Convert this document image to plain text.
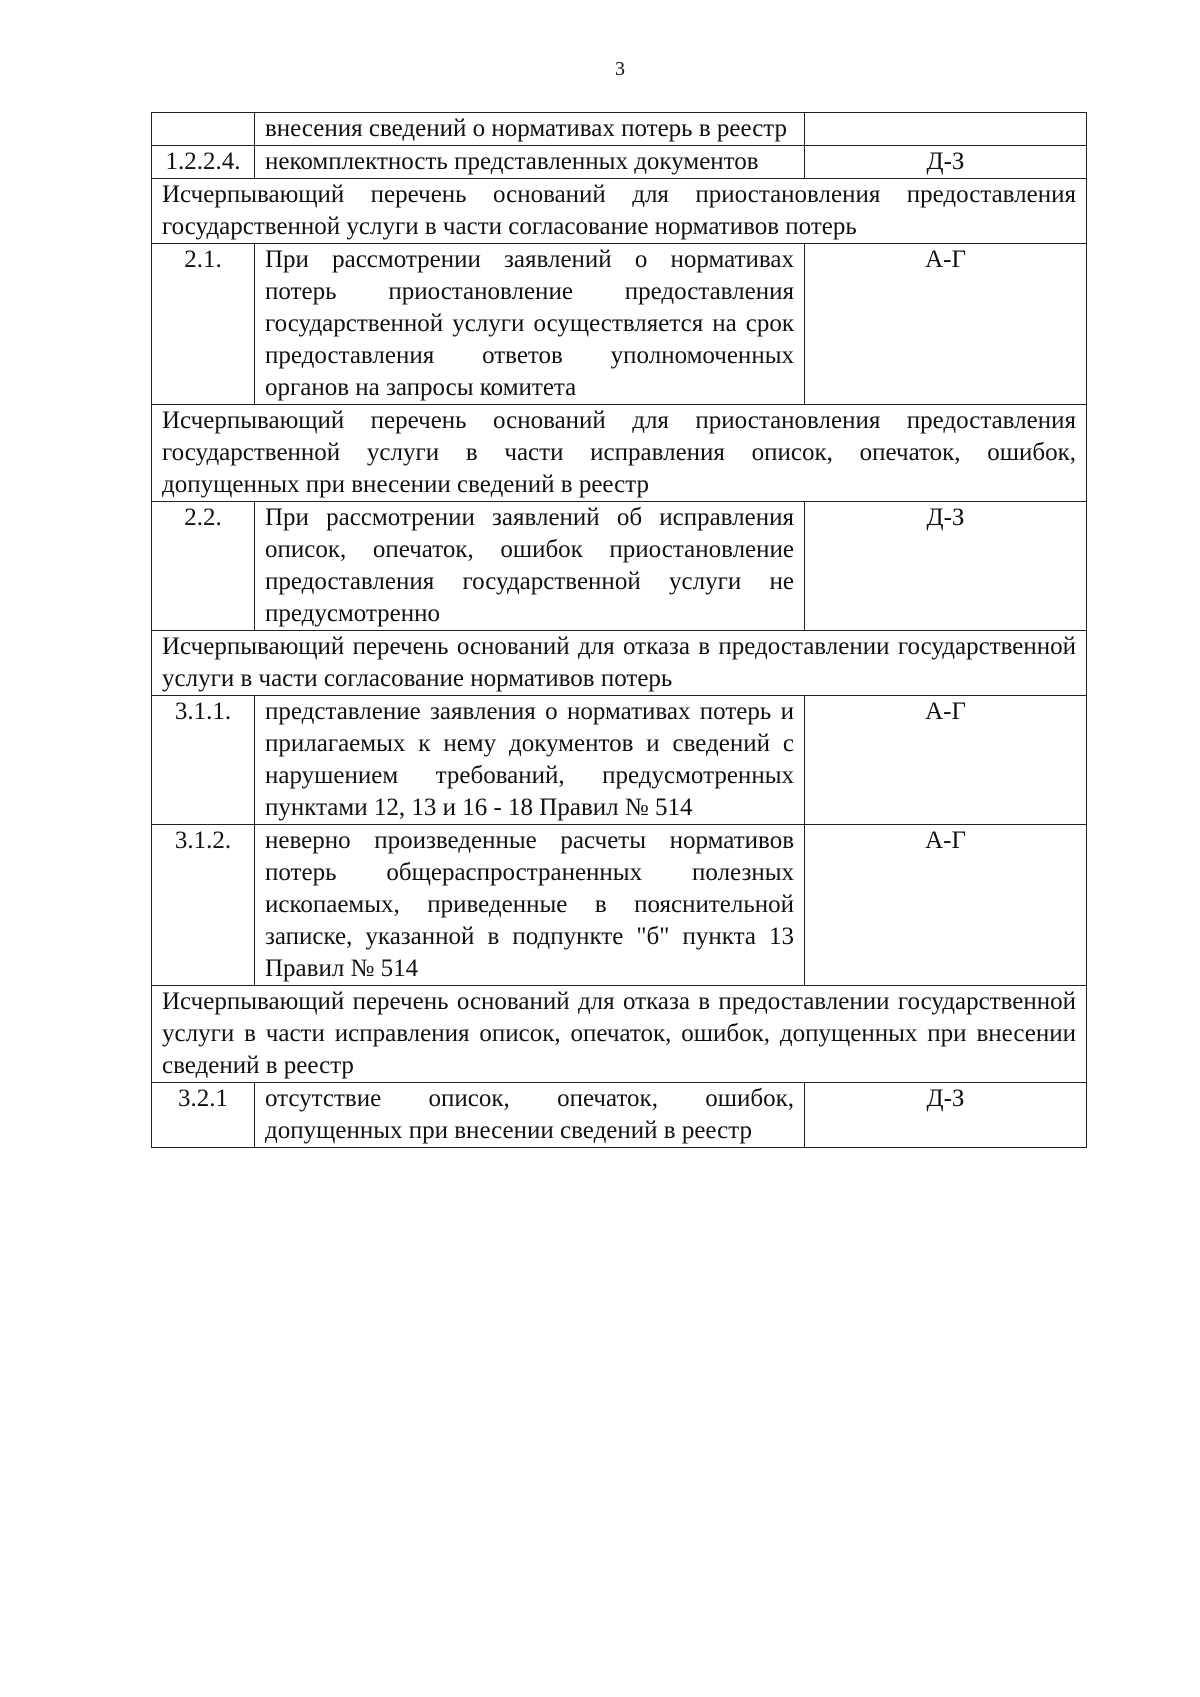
3
	внесения сведений о нормативах потерь в реестр	
1.2.2.4.	некомплектность представленных документов	Д-З
Исчерпывающий перечень оснований для приостановления предоставления государственной услуги в части согласование нормативов потерь		
2.1.	При рассмотрении заявлений о нормативах потерь приостановление предоставления государственной услуги осуществляется на срок предоставления ответов уполномоченных органов на запросы комитета	А-Г
Исчерпывающий перечень оснований для приостановления предоставления государственной услуги в части исправления описок, опечаток, ошибок, допущенных при внесении сведений в реестр		
2.2.	При рассмотрении заявлений об исправления описок, опечаток, ошибок приостановление предоставления государственной услуги не предусмотренно	Д-З
Исчерпывающий перечень оснований для отказа в предоставлении государственной услуги в части согласование нормативов потерь		
3.1.1.	представление заявления о нормативах потерь и прилагаемых к нему документов и сведений с нарушением требований, предусмотренных пунктами 12, 13 и 16 - 18 Правил № 514	А-Г
3.1.2.	неверно произведенные расчеты нормативов потерь общераспространенных полезных ископаемых, приведенные в пояснительной записке, указанной в подпункте "б" пункта 13 Правил № 514	А-Г
Исчерпывающий перечень оснований для отказа в предоставлении государственной услуги в части исправления описок, опечаток, ошибок, допущенных при внесении сведений в реестр		
3.2.1	отсутствие описок, опечаток, ошибок, допущенных при внесении сведений в реестр	Д-З
